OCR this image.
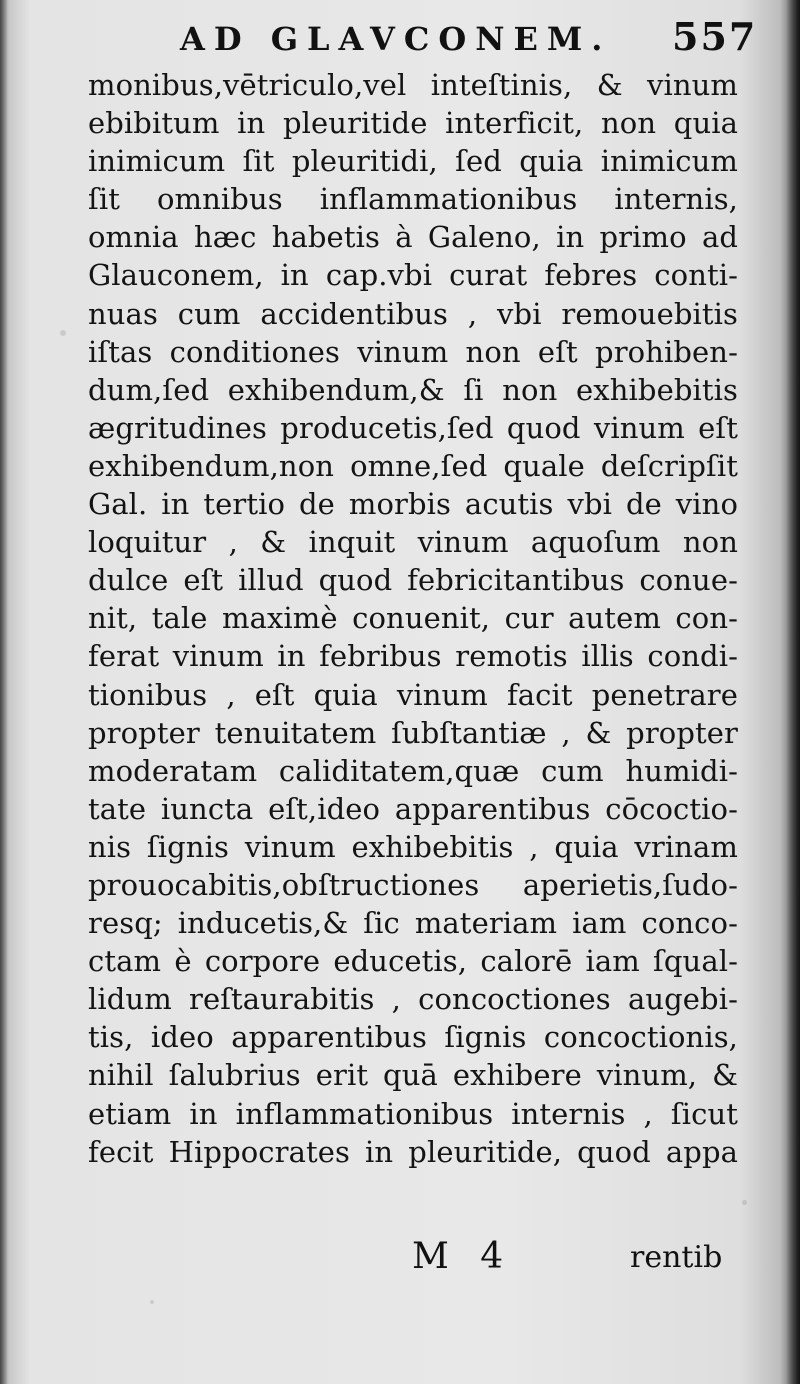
AD GLAVCONEM. 557
monibus,vētriculo,vel inteſtinis, & vinum
ebibitum in pleuritide interficit, non quia
inimicum ſit pleuritidi, ſed quia inimicum
ſit omnibus inflammationibus internis,
omnia hæc habetis à Galeno, in primo ad
Glauconem, in cap.vbi curat febres conti-
nuas cum accidentibus , vbi remouebitis
iſtas conditiones vinum non eſt prohiben-
dum,ſed exhibendum,& ſi non exhibebitis
ægritudines producetis,ſed quod vinum eſt
exhibendum,non omne,ſed quale deſcripſit
Gal. in tertio de morbis acutis vbi de vino
loquitur , & inquit vinum aquoſum non
dulce eſt illud quod febricitantibus conue-
nit, tale maximè conuenit, cur autem con-
ferat vinum in febribus remotis illis condi-
tionibus , eſt quia vinum facit penetrare
propter tenuitatem ſubſtantiæ , & propter
moderatam caliditatem,quæ cum humidi-
tate iuncta eſt,ideo apparentibus cōcoctio-
nis ſignis vinum exhibebitis , quia vrinam
prouocabitis,obſtructiones aperietis,ſudo-
resq; inducetis,& ſic materiam iam conco-
ctam è corpore educetis, calorē iam ſqual-
lidum reſtaurabitis , concoctiones augebi-
tis, ideo apparentibus ſignis concoctionis,
nihil ſalubrius erit quā exhibere vinum, &
etiam in inflammationibus internis , ſicut
fecit Hippocrates in pleuritide, quod appa
M 4	rentib
